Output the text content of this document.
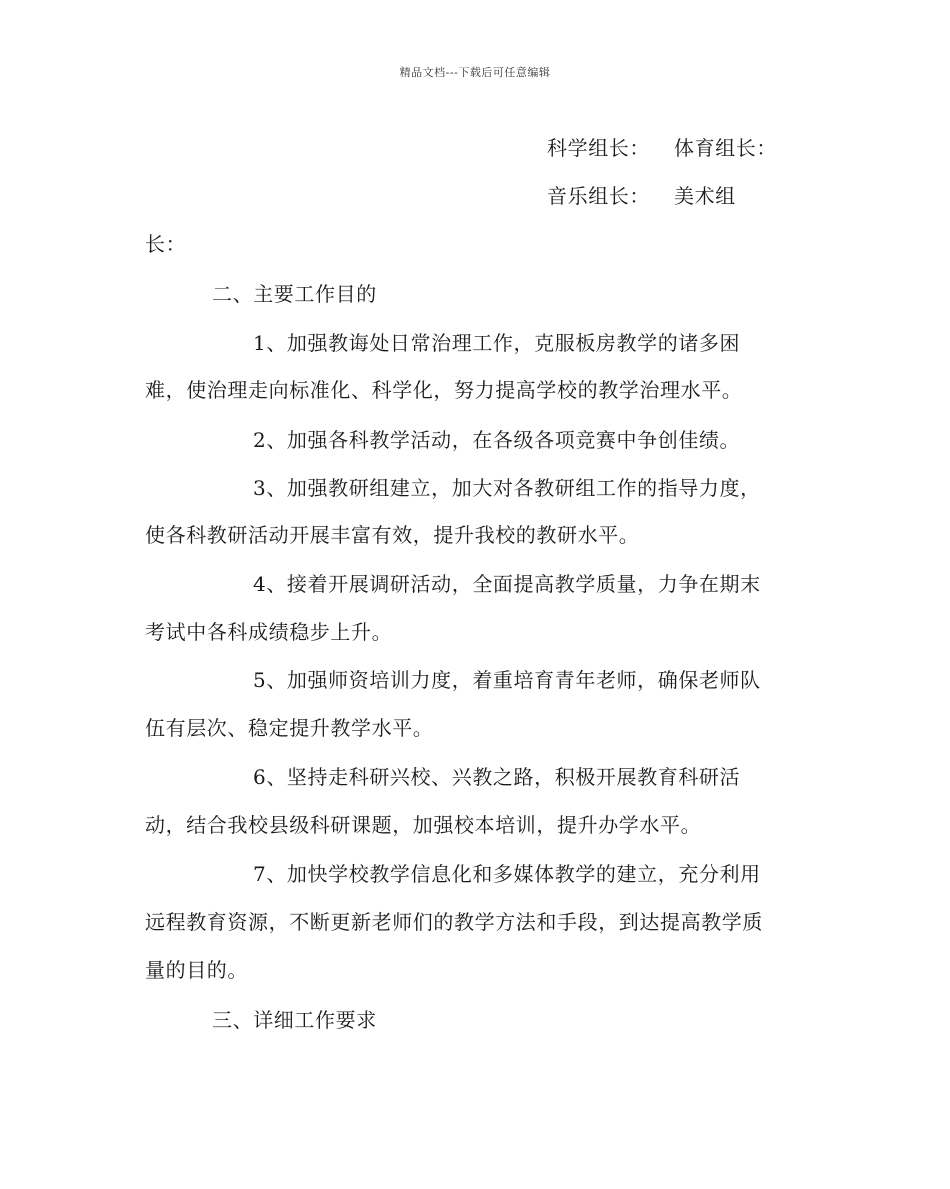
精品文档---下载后可任意编辑
科学组长： 体育组长：
音乐组长： 美术组
长：
二、主要工作目的
1、加强教诲处日常治理工作，克服板房教学的诸多困
难，使治理走向标准化、科学化，努力提高学校的教学治理水平。
2、加强各科教学活动，在各级各项竞赛中争创佳绩。
3、加强教研组建立，加大对各教研组工作的指导力度，
使各科教研活动开展丰富有效，提升我校的教研水平。
4、接着开展调研活动，全面提高教学质量，力争在期末
考试中各科成绩稳步上升。
5、加强师资培训力度，着重培育青年老师，确保老师队
伍有层次、稳定提升教学水平。
6、坚持走科研兴校、兴教之路，积极开展教育科研活
动，结合我校县级科研课题，加强校本培训，提升办学水平。
7、加快学校教学信息化和多媒体教学的建立，充分利用
远程教育资源，不断更新老师们的教学方法和手段，到达提高教学质
量的目的。
三、详细工作要求
